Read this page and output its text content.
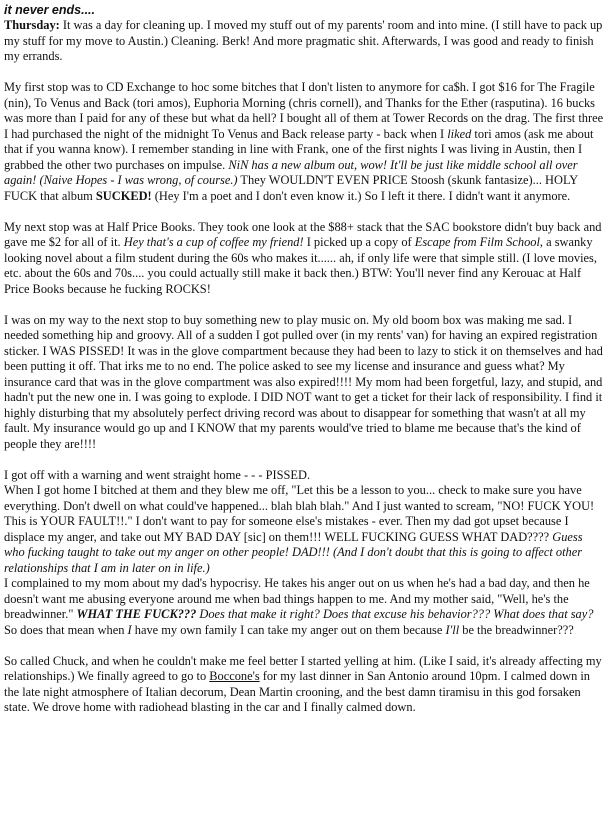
it never ends....

Thursday: It was a day for cleaning up. I moved my stuff out of my parents' room and into mine. (I still have to pack up my stuff for my move to Austin.) Cleaning. Berk! And more pragmatic shit. Afterwards, I was good and ready to finish my errands.

My first stop was to CD Exchange to hoc some bitches that I don't listen to anymore for ca$h. I got $16 for The Fragile (nin), To Venus and Back (tori amos), Euphoria Morning (chris cornell), and Thanks for the Ether (rasputina). 16 bucks was more than I paid for any of these but what da hell? I bought all of them at Tower Records on the drag. The first three I had purchased the night of the midnight To Venus and Back release party - back when I liked tori amos (ask me about that if you wanna know). I remember standing in line with Frank, one of the first nights I was living in Austin, then I grabbed the other two purchases on impulse. NiN has a new album out, wow! It'll be just like middle school all over again! (Naive Hopes - I was wrong, of course.) They WOULDN'T EVEN PRICE Stoosh (skunk fantasize)... HOLY FUCK that album SUCKED! (Hey I'm a poet and I don't even know it.) So I left it there. I didn't want it anymore.

My next stop was at Half Price Books. They took one look at the $88+ stack that the SAC bookstore didn't buy back and gave me $2 for all of it. Hey that's a cup of coffee my friend! I picked up a copy of Escape from Film School, a swanky looking novel about a film student during the 60s who makes it...... ah, if only life were that simple still. (I love movies, etc. about the 60s and 70s.... you could actually still make it back then.) BTW: You'll never find any Kerouac at Half Price Books because he fucking ROCKS!

I was on my way to the next stop to buy something new to play music on. My old boom box was making me sad. I needed something hip and groovy. All of a sudden I got pulled over (in my rents' van) for having an expired registration sticker. I WAS PISSED! It was in the glove compartment because they had been to lazy to stick it on themselves and had been putting it off. That irks me to no end. The police asked to see my license and insurance and guess what? My insurance card that was in the glove compartment was also expired!!!! My mom had been forgetful, lazy, and stupid, and hadn't put the new one in. I was going to explode. I DID NOT want to get a ticket for their lack of responsibility. I find it highly disturbing that my absolutely perfect driving record was about to disappear for something that wasn't at all my fault. My insurance would go up and I KNOW that my parents would've tried to blame me because that's the kind of people they are!!!!

I got off with a warning and went straight home - - - PISSED.

When I got home I bitched at them and they blew me off, "Let this be a lesson to you... check to make sure you have everything. Don't dwell on what could've happened... blah blah blah." And I just wanted to scream, "NO! FUCK YOU! This is YOUR FAULT!!." I don't want to pay for someone else's mistakes - ever. Then my dad got upset because I displace my anger, and take out MY BAD DAY [sic] on them!!! WELL FUCKING GUESS WHAT DAD???? Guess who fucking taught to take out my anger on other people! DAD!!! (And I don't doubt that this is going to affect other relationships that I am in later on in life.)

I complained to my mom about my dad's hypocrisy. He takes his anger out on us when he's had a bad day, and then he doesn't want me abusing everyone around me when bad things happen to me. And my mother said, "Well, he's the breadwinner." WHAT THE FUCK??? Does that make it right? Does that excuse his behavior??? What does that say? So does that mean when I have my own family I can take my anger out on them because I'll be the breadwinner???

So called Chuck, and when he couldn't make me feel better I started yelling at him. (Like I said, it's already affecting my relationships.) We finally agreed to go to Boccone's for my last dinner in San Antonio around 10pm. I calmed down in the late night atmosphere of Italian decorum, Dean Martin crooning, and the best damn tiramisu in this god forsaken state. We drove home with radiohead blasting in the car and I finally calmed down.
